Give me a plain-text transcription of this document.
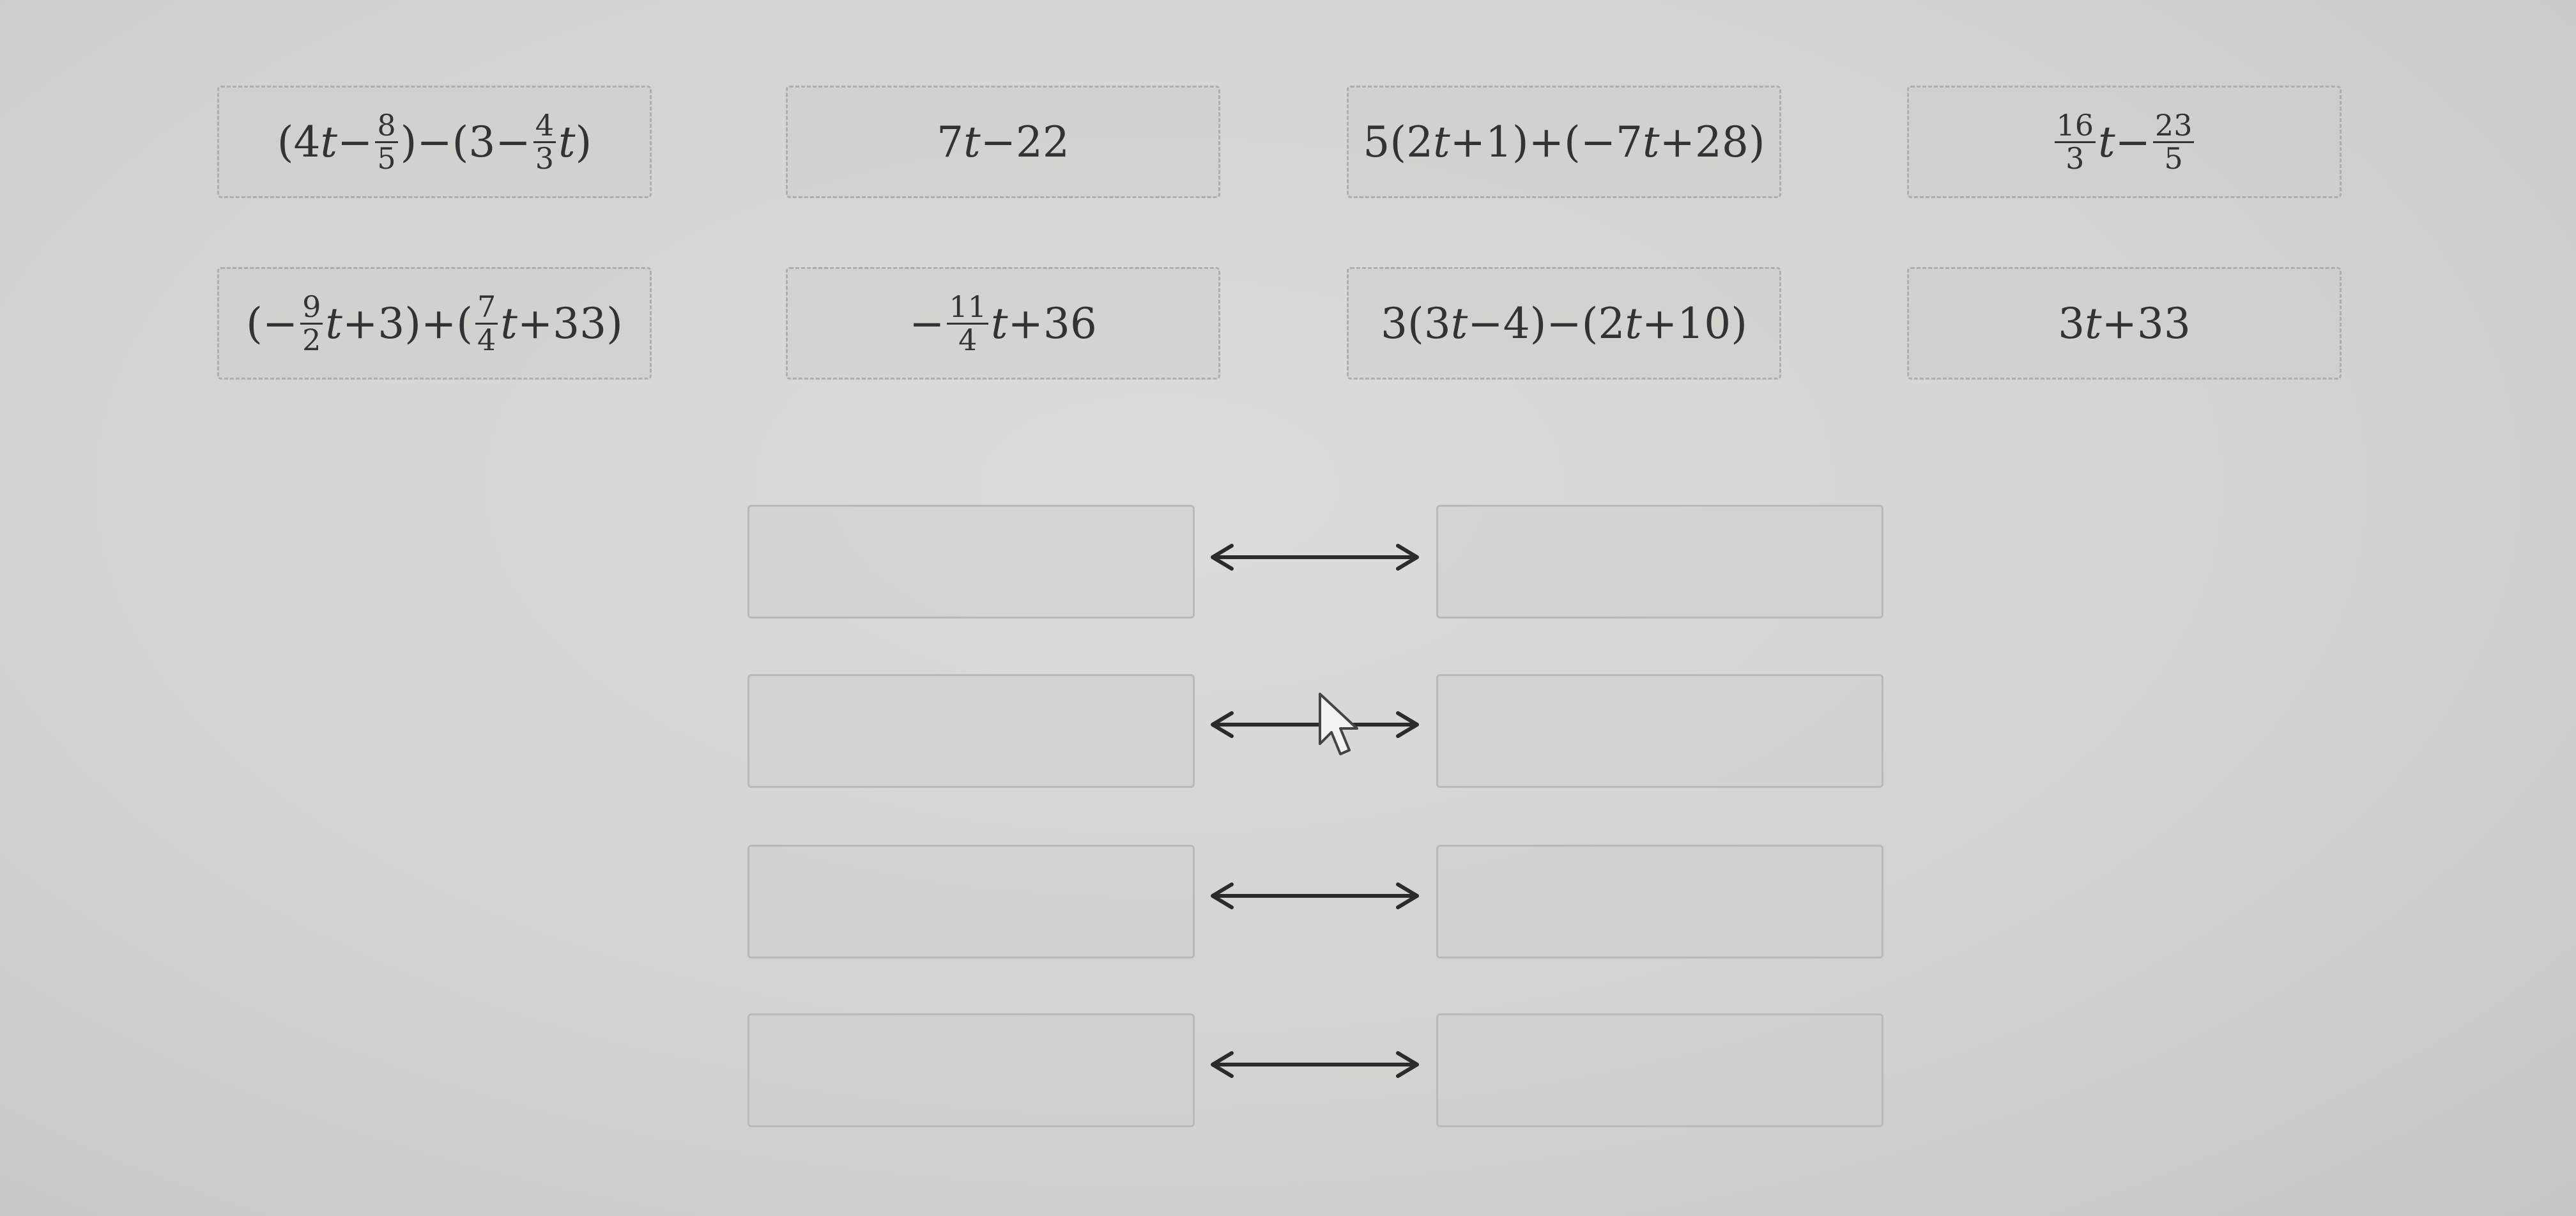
(4 $t - \frac{8}{5} )-(3- \frac{4}{3}$ t )	7 t −22	5(2 t +1)+(−7 t +28)	$\frac{16}{3}$ $t - \frac{23}{5}$
(− $\frac{9}{2}$ $t +3)+( \frac{7}{4}$ t +33)	− $\frac{11}{4}$ t +36	3(3 t −4)−(2 t +10)	3 t +33
